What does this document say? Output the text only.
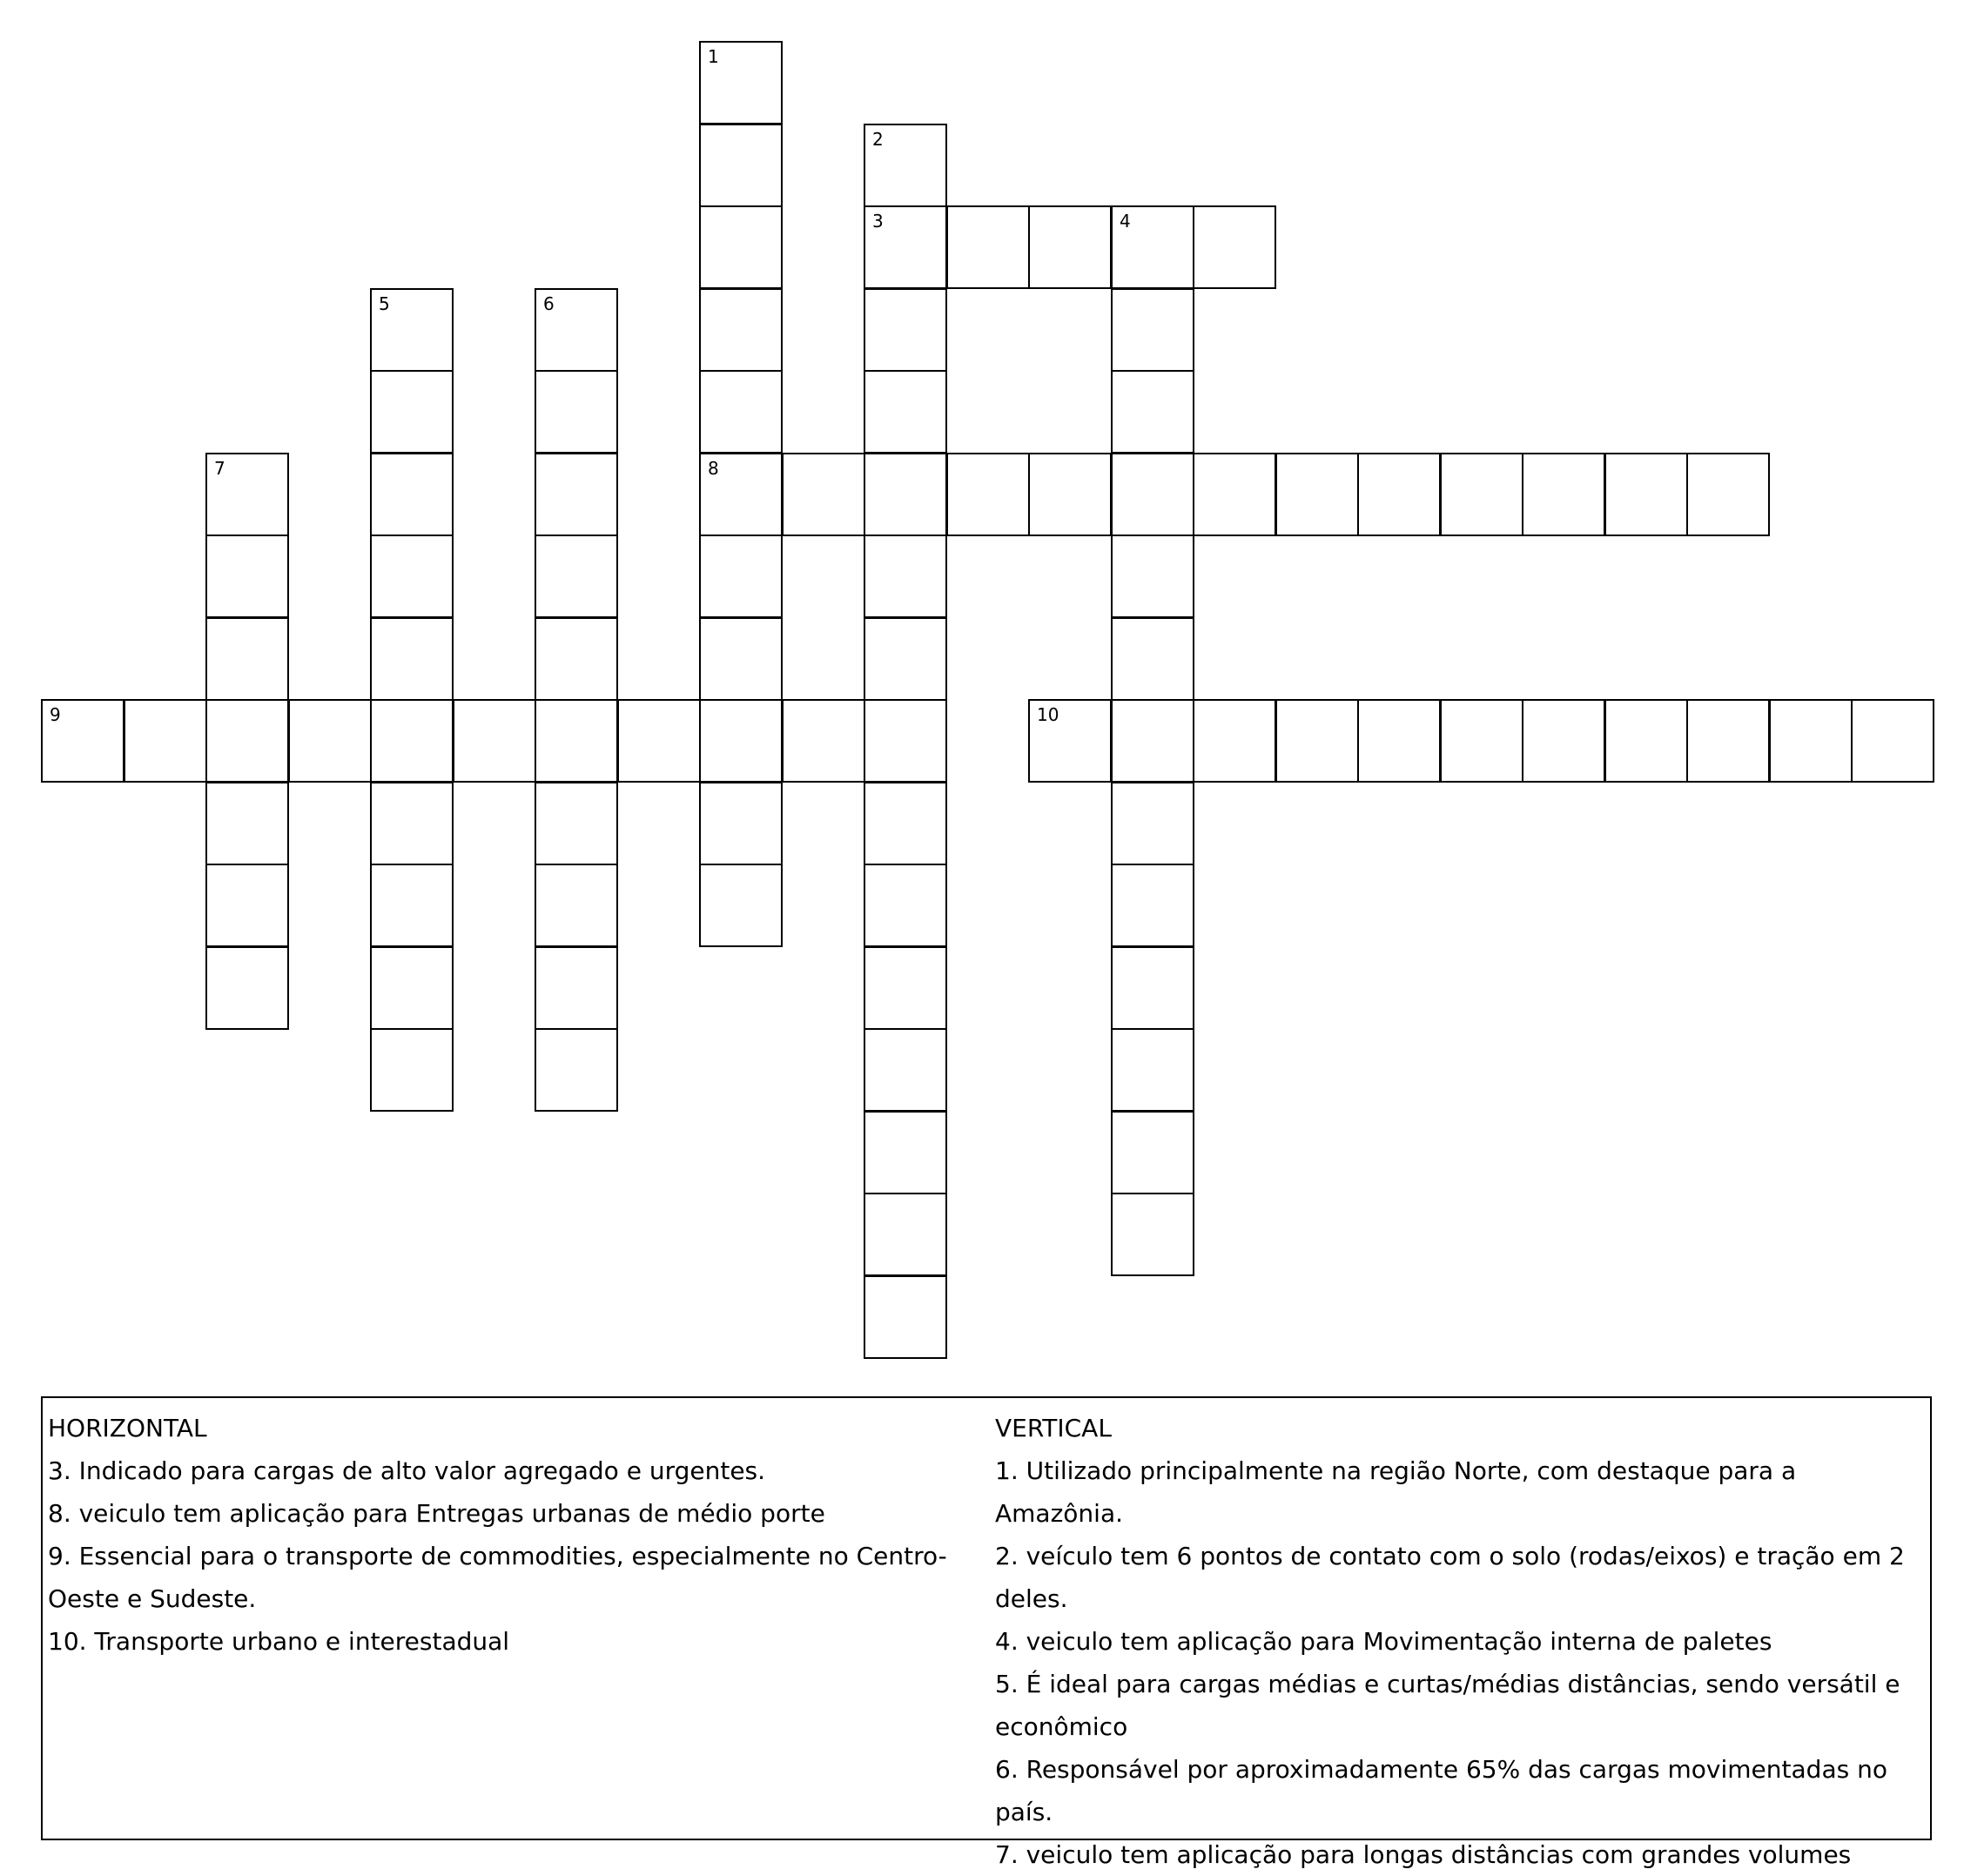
1
8
2
3	4
5	6
7
9	10
HORIZONTAL
3. Indicado para cargas de alto valor agregado e urgentes.
8. veiculo tem aplicação para Entregas urbanas de médio porte
9. Essencial para o transporte de commodities, especialmente no Centro-Oeste e Sudeste.
10. Transporte urbano e interestadual
VERTICAL
1. Utilizado principalmente na região Norte, com destaque para a Amazônia.
2. veículo tem 6 pontos de contato com o solo (rodas/eixos) e tração em 2 deles.
4. veiculo tem aplicação para Movimentação interna de paletes
5. É ideal para cargas médias e curtas/médias distâncias, sendo versátil e econômico
6. Responsável por aproximadamente 65% das cargas movimentadas no país.
7. veiculo tem aplicação para longas distâncias com grandes volumes
